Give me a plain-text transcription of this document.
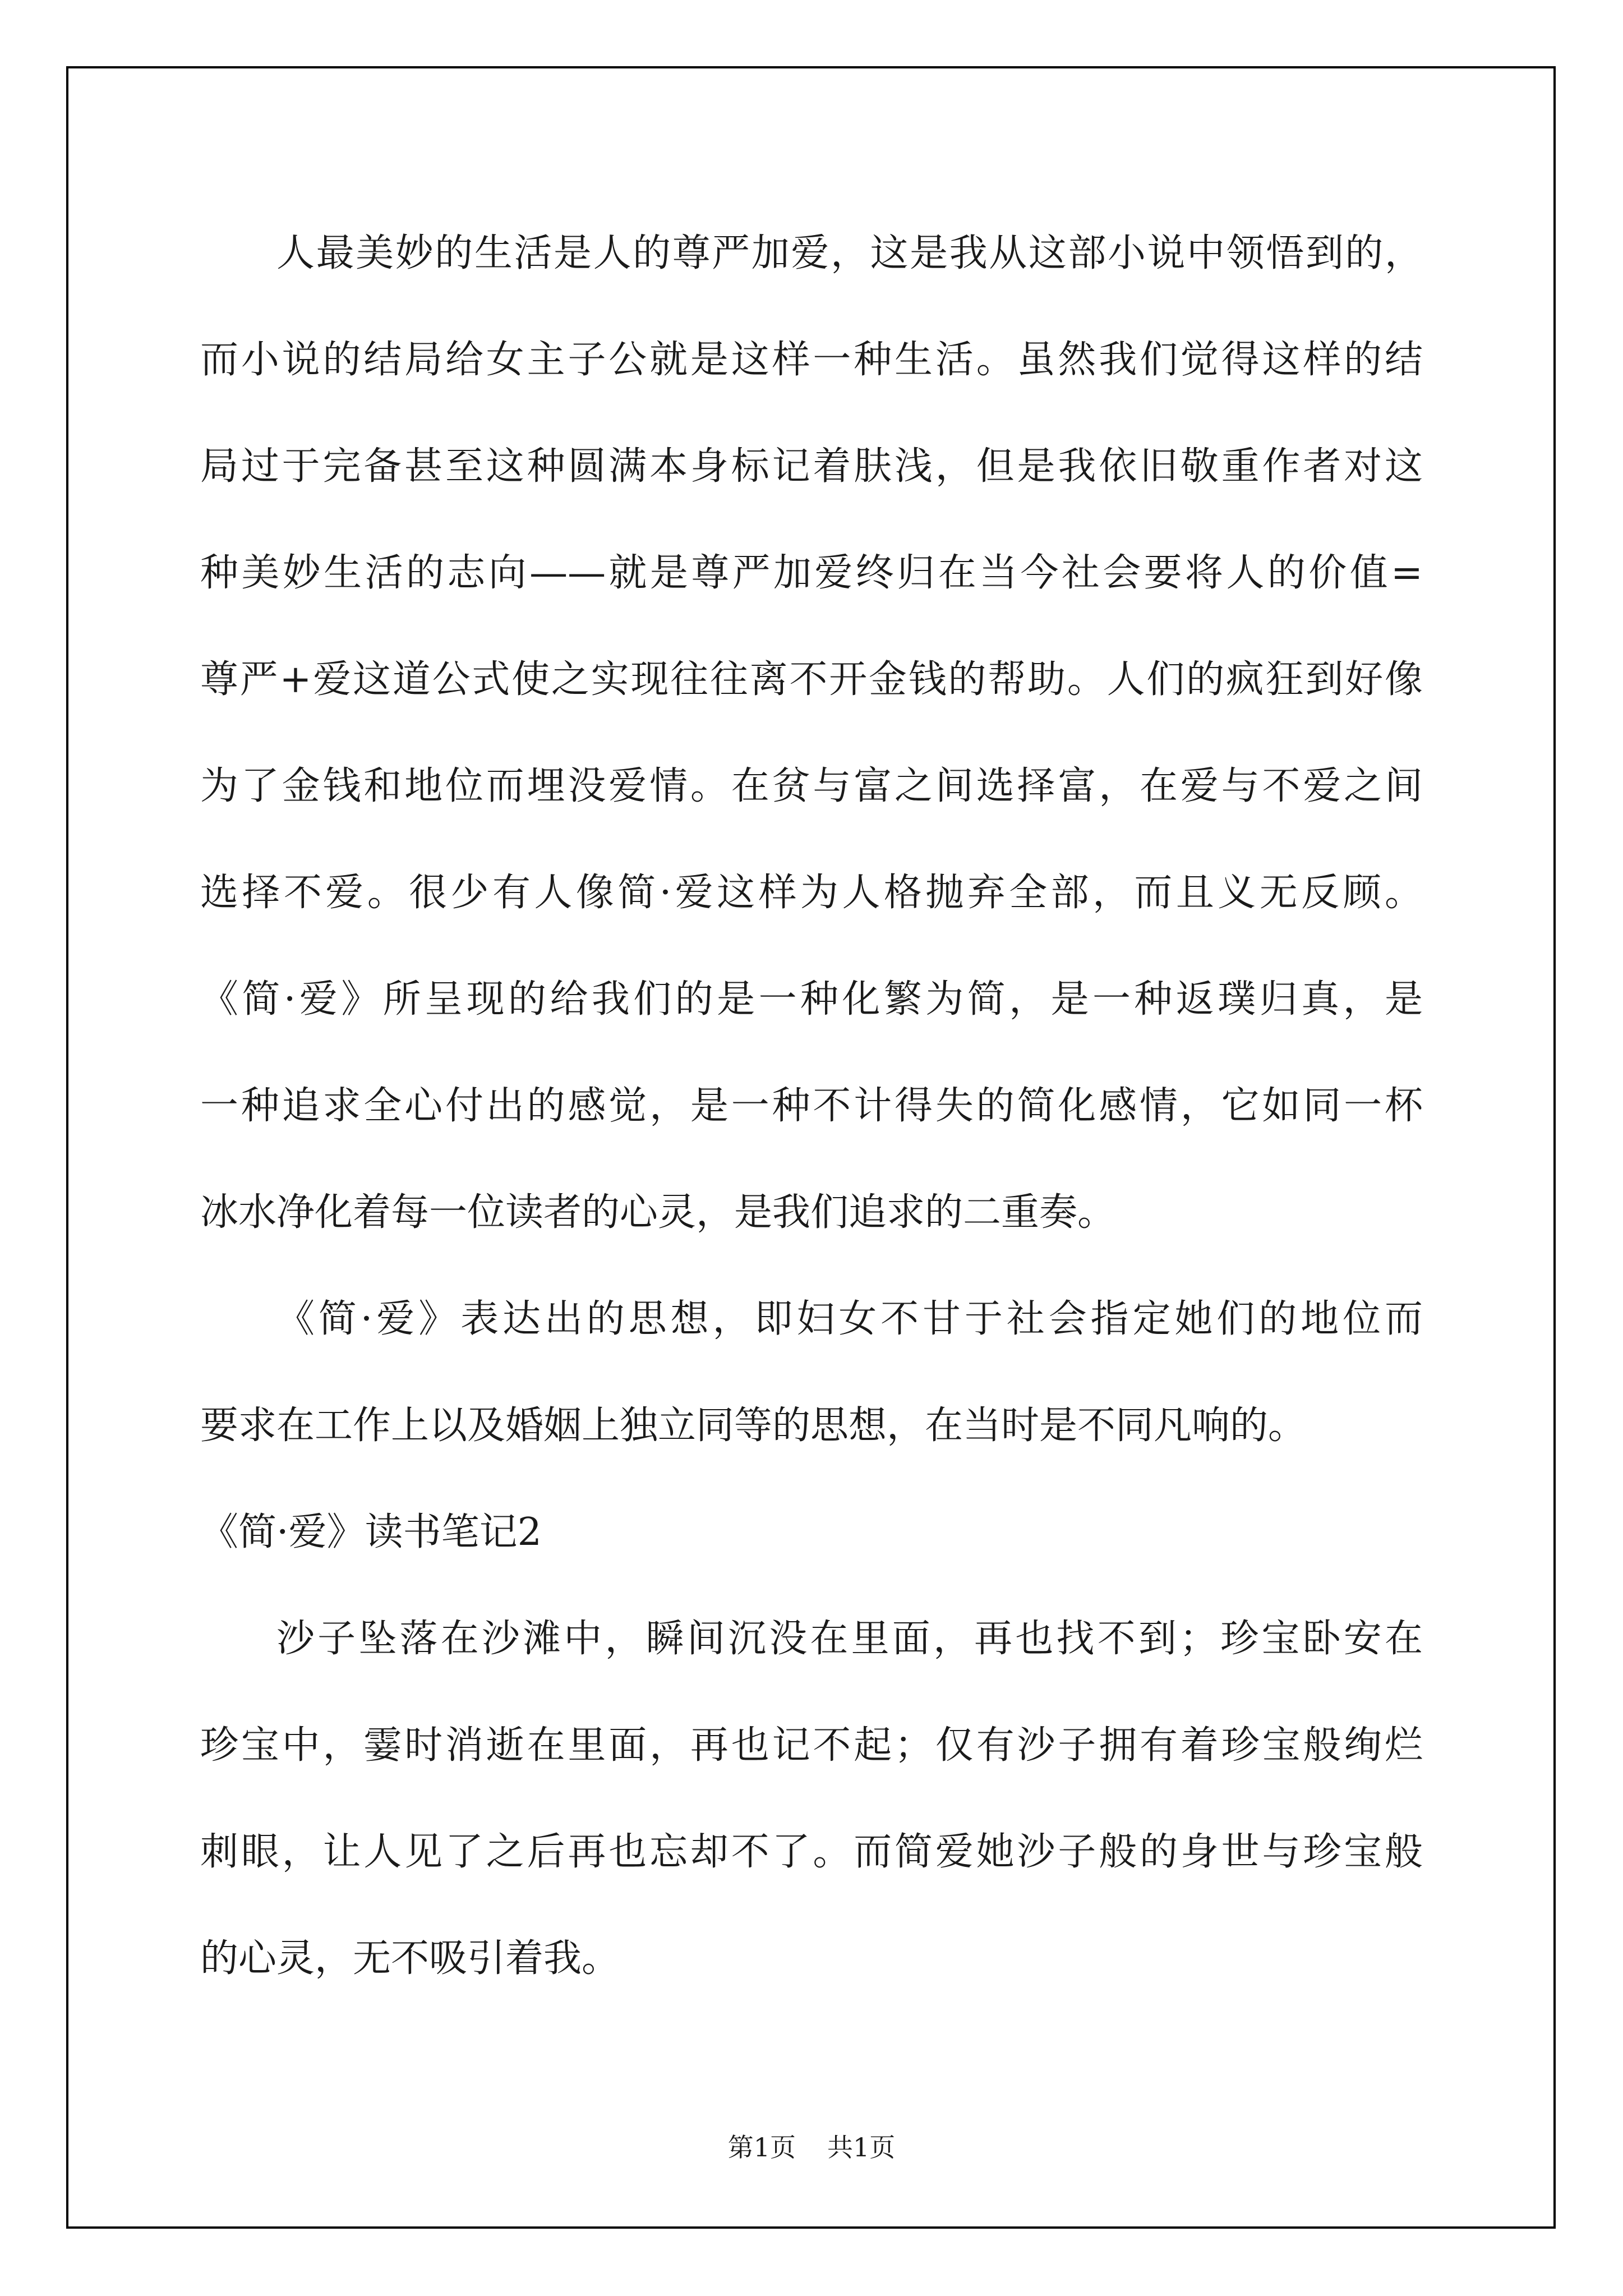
人最美妙的生活是人的尊严加爱，这是我从这部小说中领悟到的，

而小说的结局给女主子公就是这样一种生活。虽然我们觉得这样的结

局过于完备甚至这种圆满本身标记着肤浅，但是我依旧敬重作者对这

种美妙生活的志向——就是尊严加爱终归在当今社会要将人的价值=

尊严+爱这道公式使之实现往往离不开金钱的帮助。人们的疯狂到好像

为了金钱和地位而埋没爱情。在贫与富之间选择富，在爱与不爱之间

选择不爱。很少有人像简·爱这样为人格抛弃全部，而且义无反顾。

《简·爱》所呈现的给我们的是一种化繁为简，是一种返璞归真，是

一种追求全心付出的感觉，是一种不计得失的简化感情，它如同一杯

冰水净化着每一位读者的心灵，是我们追求的二重奏。

《简·爱》表达出的思想，即妇女不甘于社会指定她们的地位而

要求在工作上以及婚姻上独立同等的思想，在当时是不同凡响的。

《简·爱》读书笔记2

沙子坠落在沙滩中，瞬间沉没在里面，再也找不到；珍宝卧安在

珍宝中，霎时消逝在里面，再也记不起；仅有沙子拥有着珍宝般绚烂

刺眼，让人见了之后再也忘却不了。而简爱她沙子般的身世与珍宝般

的心灵，无不吸引着我。

第1页 共1页
